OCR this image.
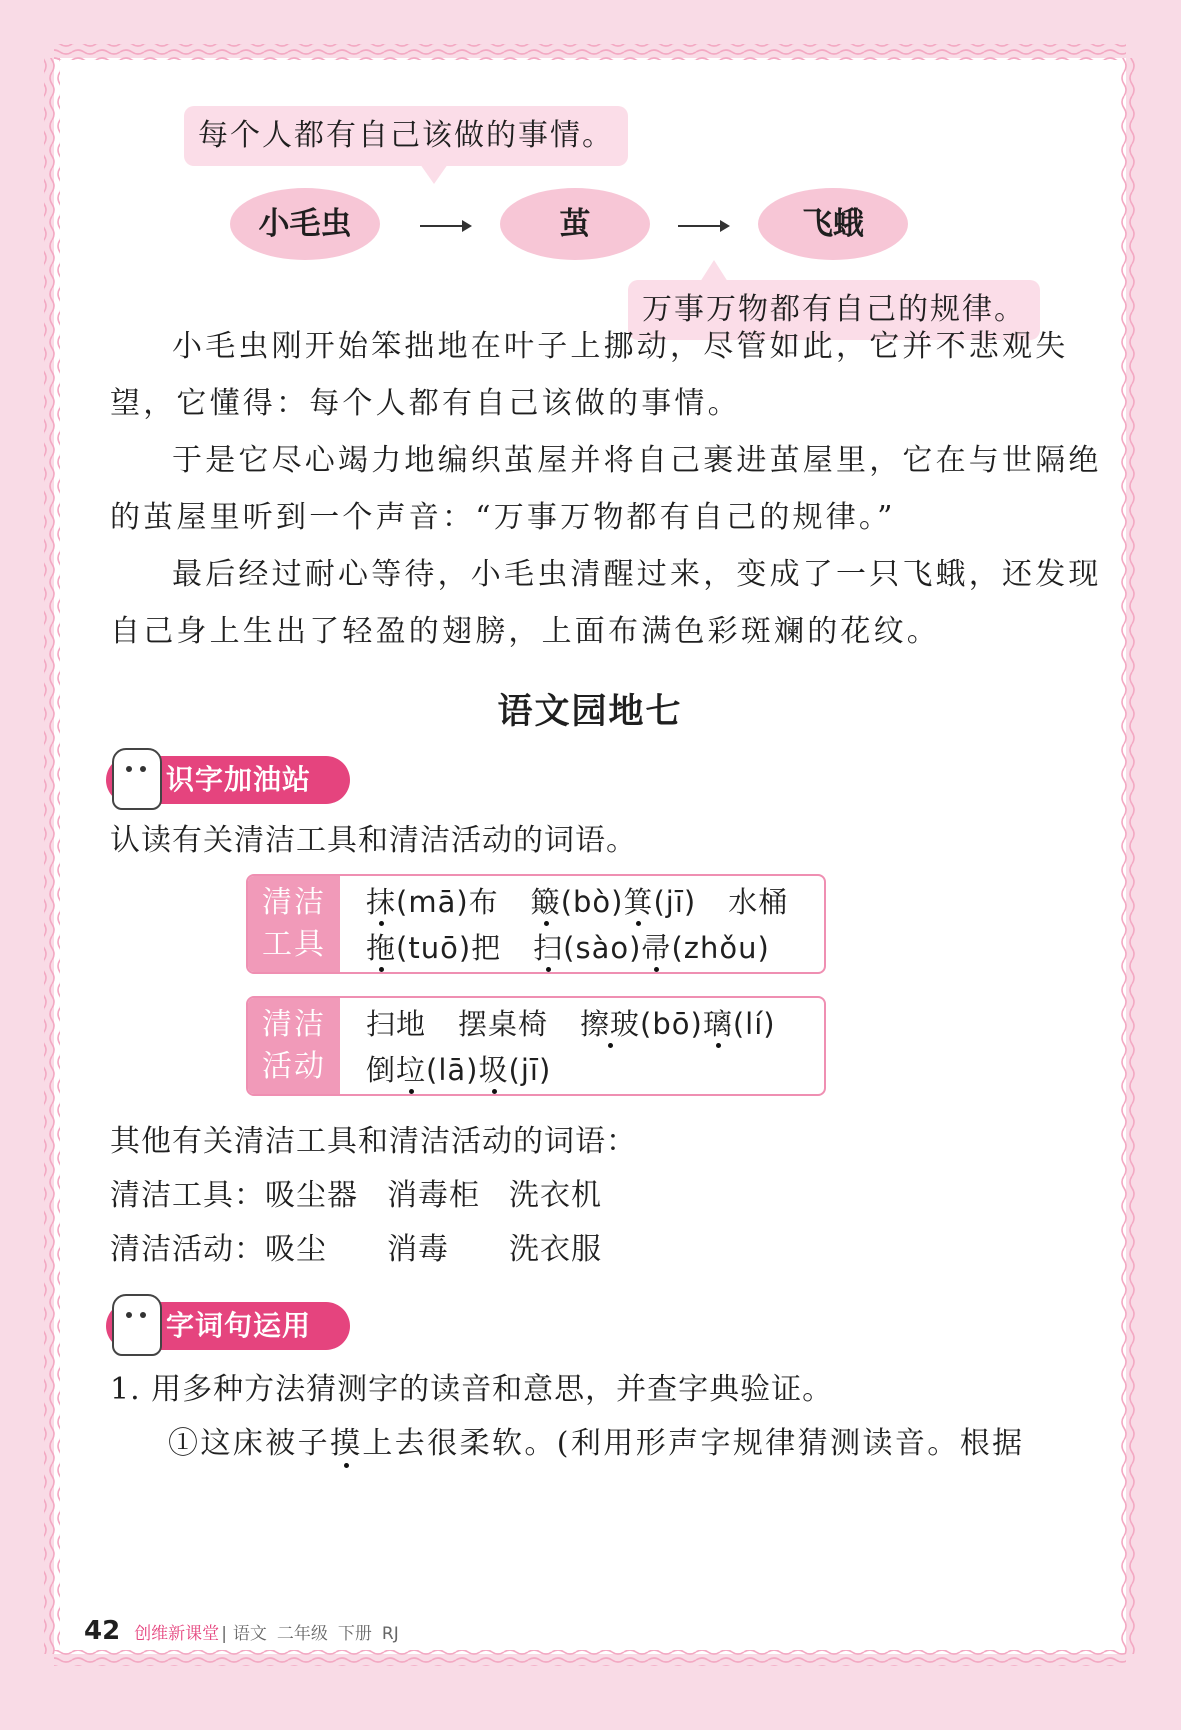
每个人都有自己该做的事情。
小毛虫	茧	飞蛾
万事万物都有自己的规律。

小毛虫刚开始笨拙地在叶子上挪动，尽管如此，它并不悲观失望，它懂得：每个人都有自己该做的事情。

于是它尽心竭力地编织茧屋并将自己裹进茧屋里，它在与世隔绝的茧屋里听到一个声音：“万事万物都有自己的规律。”

最后经过耐心等待，小毛虫清醒过来，变成了一只飞蛾，还发现自己身上生出了轻盈的翅膀，上面布满色彩斑斓的花纹。

语文园地七
识字加油站
认读有关清洁工具和清洁活动的词语。
清洁
工具
抹(mā)布 簸(bò)箕(jī) 水桶
拖(tuō)把 扫(sào)帚(zhǒu)
清洁
活动
扫地 摆桌椅 擦玻(bō)璃(lí)
倒垃(lā)圾(jī)
其他有关清洁工具和清洁活动的词语：
清洁工具：吸尘器 消毒柜 洗衣机
清洁活动：吸尘 消毒 洗衣服
字词句运用
1. 用多种方法猜测字的读音和意思，并查字典验证。
①这床被子摸上去很柔软。(利用形声字规律猜测读音。根据
42 创维新课堂 | 语文 二年级 下册 RJ
